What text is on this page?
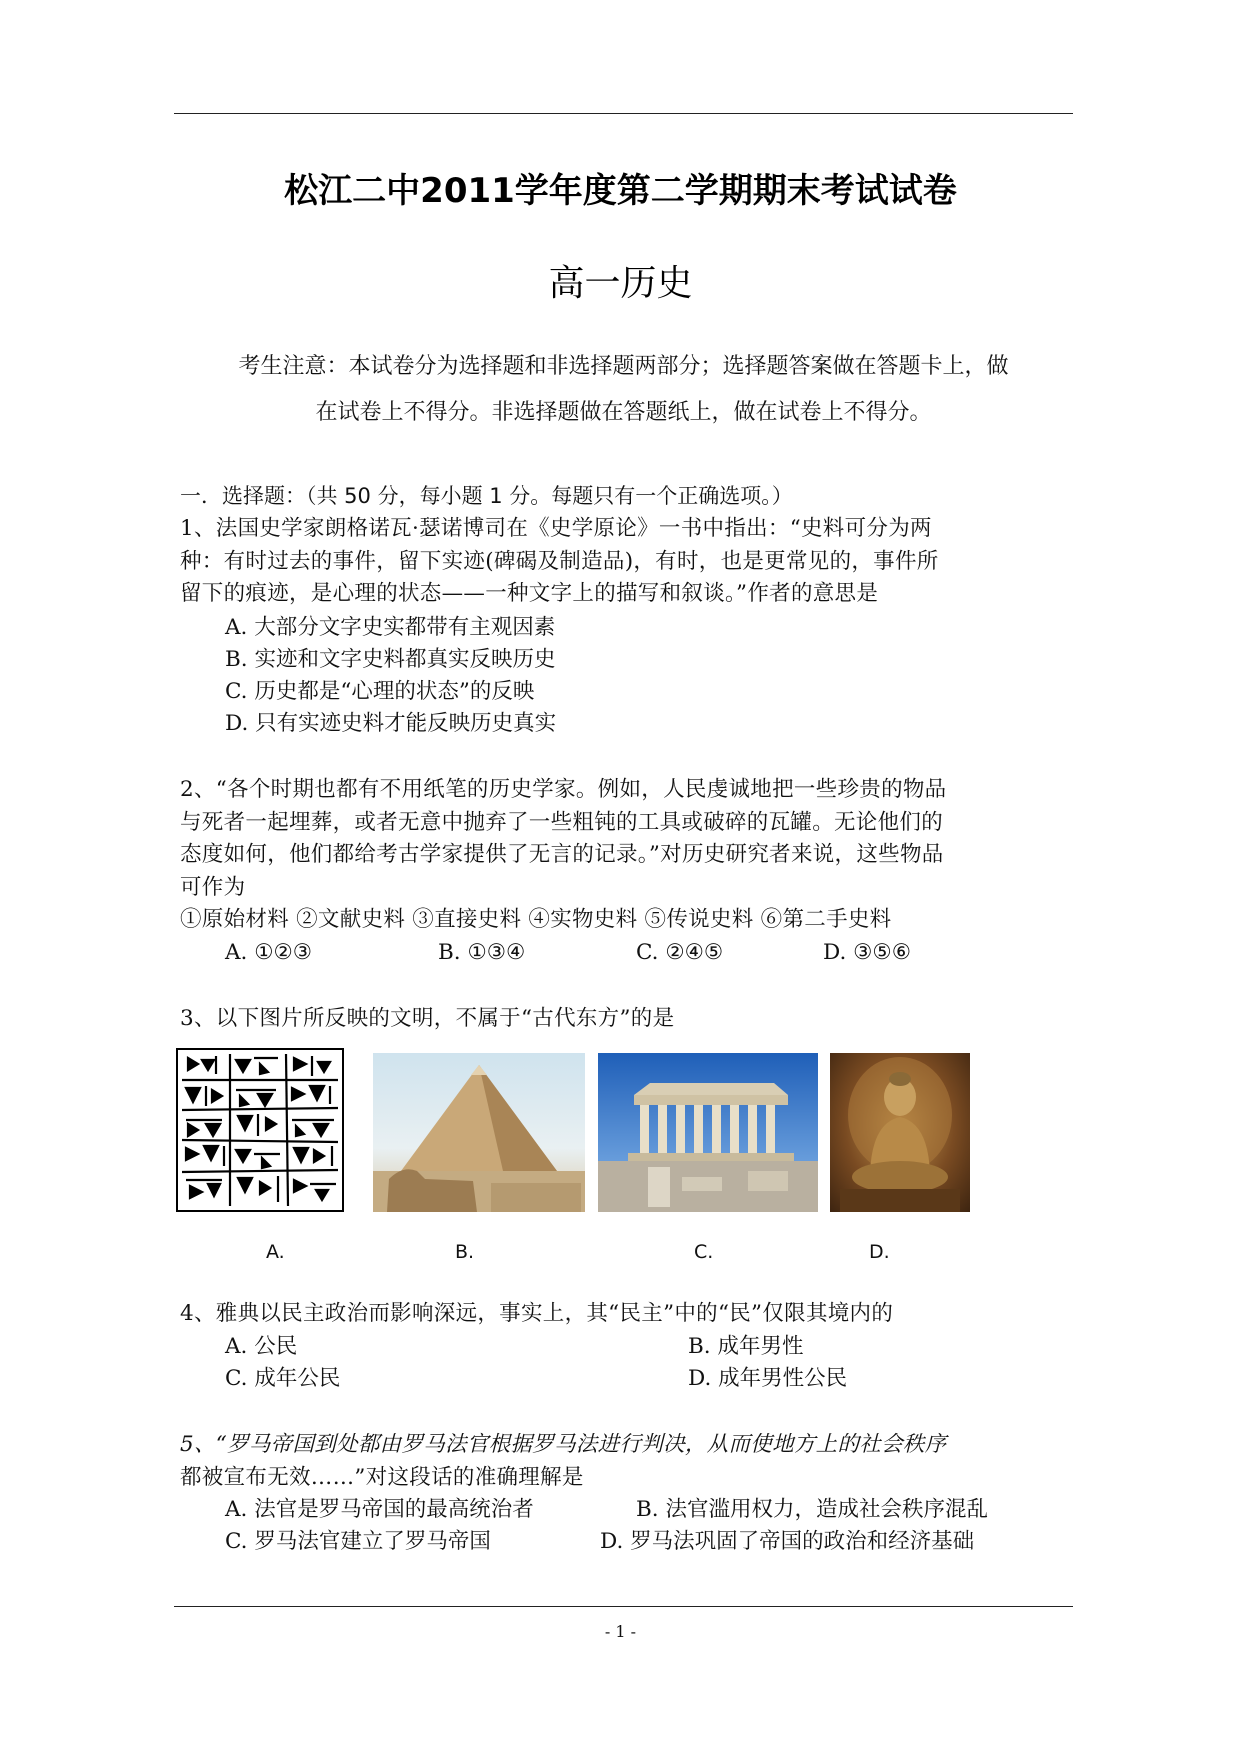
松江二中2011学年度第二学期期末考试试卷
高一历史
考生注意：本试卷分为选择题和非选择题两部分；选择题答案做在答题卡上，做
在试卷上不得分。非选择题做在答题纸上，做在试卷上不得分。
一．选择题：（共 50 分，每小题 1 分。每题只有一个正确选项。）

1、法国史学家朗格诺瓦·瑟诺博司在《史学原论》一书中指出：“史料可分为两

种：有时过去的事件，留下实迹(碑碣及制造品)，有时，也是更常见的，事件所

留下的痕迹，是心理的状态——一种文字上的描写和叙谈。”作者的意思是

A. 大部分文字史实都带有主观因素
B. 实迹和文字史料都真实反映历史
C. 历史都是“心理的状态”的反映
D. 只有实迹史料才能反映历史真实

2、“各个时期也都有不用纸笔的历史学家。例如，人民虔诚地把一些珍贵的物品

与死者一起埋葬，或者无意中抛弃了一些粗钝的工具或破碎的瓦罐。无论他们的

态度如何，他们都给考古学家提供了无言的记录。”对历史研究者来说，这些物品

可作为

①原始材料 ②文献史料 ③直接史料 ④实物史料 ⑤传说史料 ⑥第二手史料

A. ①②③	B. ①③④	C. ②④⑤	D. ③⑤⑥

3、以下图片所反映的文明，不属于“古代东方”的是

A.	B.	C.	D.

4、雅典以民主政治而影响深远，事实上，其“民主”中的“民”仅限其境内的

A. 公民	B. 成年男性
C. 成年公民	D. 成年男性公民

5、“罗马帝国到处都由罗马法官根据罗马法进行判决，从而使地方上的社会秩序

都被宣布无效……”对这段话的准确理解是

A. 法官是罗马帝国的最高统治者	B. 法官滥用权力，造成社会秩序混乱
C. 罗马法官建立了罗马帝国	D. 罗马法巩固了帝国的政治和经济基础
- 1 -
